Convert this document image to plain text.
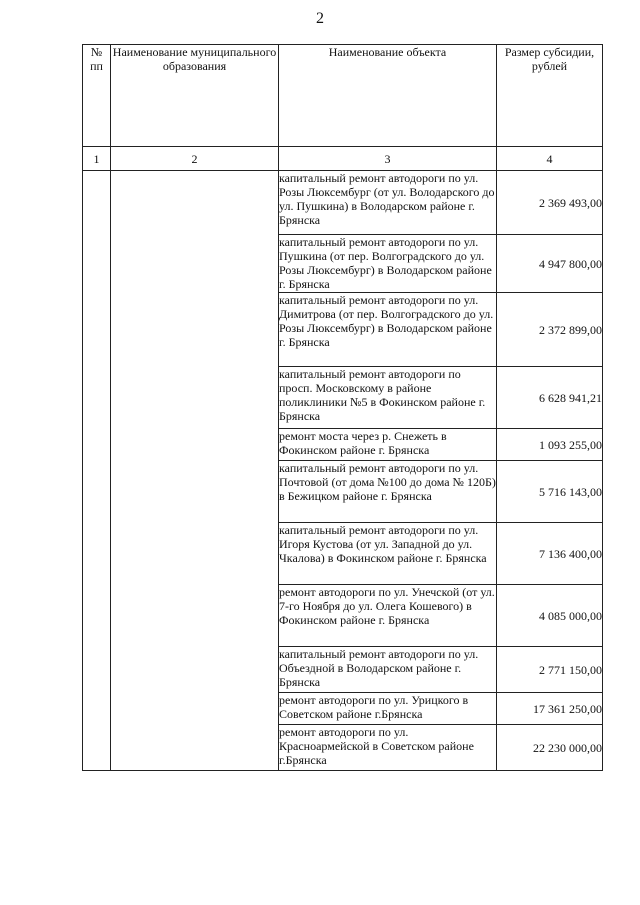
2
№ пп	Наименование муниципального образования	Наименование объекта	Размер субсидии, рублей
1	2	3	4
		капитальный ремонт автодороги по ул. Розы Люксембург (от ул. Володарского до ул. Пушкина) в Володарском районе г. Брянска	2 369 493,00
		капитальный ремонт автодороги по ул. Пушкина (от пер. Волгоградского до ул. Розы Люксембург) в Володарском районе г. Брянска	4 947 800,00
		капитальный ремонт автодороги по ул. Димитрова (от пер. Волгоградского до ул. Розы Люксембург) в Володарском районе г. Брянска	2 372 899,00
		капитальный ремонт автодороги по просп. Московскому в районе поликлиники №5 в Фокинском районе г. Брянска	6 628 941,21
		ремонт моста через р. Снежеть в Фокинском районе г. Брянска	1 093 255,00
		капитальный ремонт автодороги по ул. Почтовой (от дома №100 до дома № 120Б) в Бежицком районе г. Брянска	5 716 143,00
		капитальный ремонт автодороги по ул. Игоря Кустова (от ул. Западной до ул. Чкалова) в Фокинском районе г. Брянска	7 136 400,00
		ремонт автодороги по ул. Унечской (от ул. 7-го Ноября до ул. Олега Кошевого) в Фокинском районе г. Брянска	4 085 000,00
		капитальный ремонт автодороги по ул. Объездной в Володарском районе г. Брянска	2 771 150,00
		ремонт автодороги по ул. Урицкого в Советском районе г.Брянска	17 361 250,00
		ремонт автодороги по ул. Красноармейской в Советском районе г.Брянска	22 230 000,00
